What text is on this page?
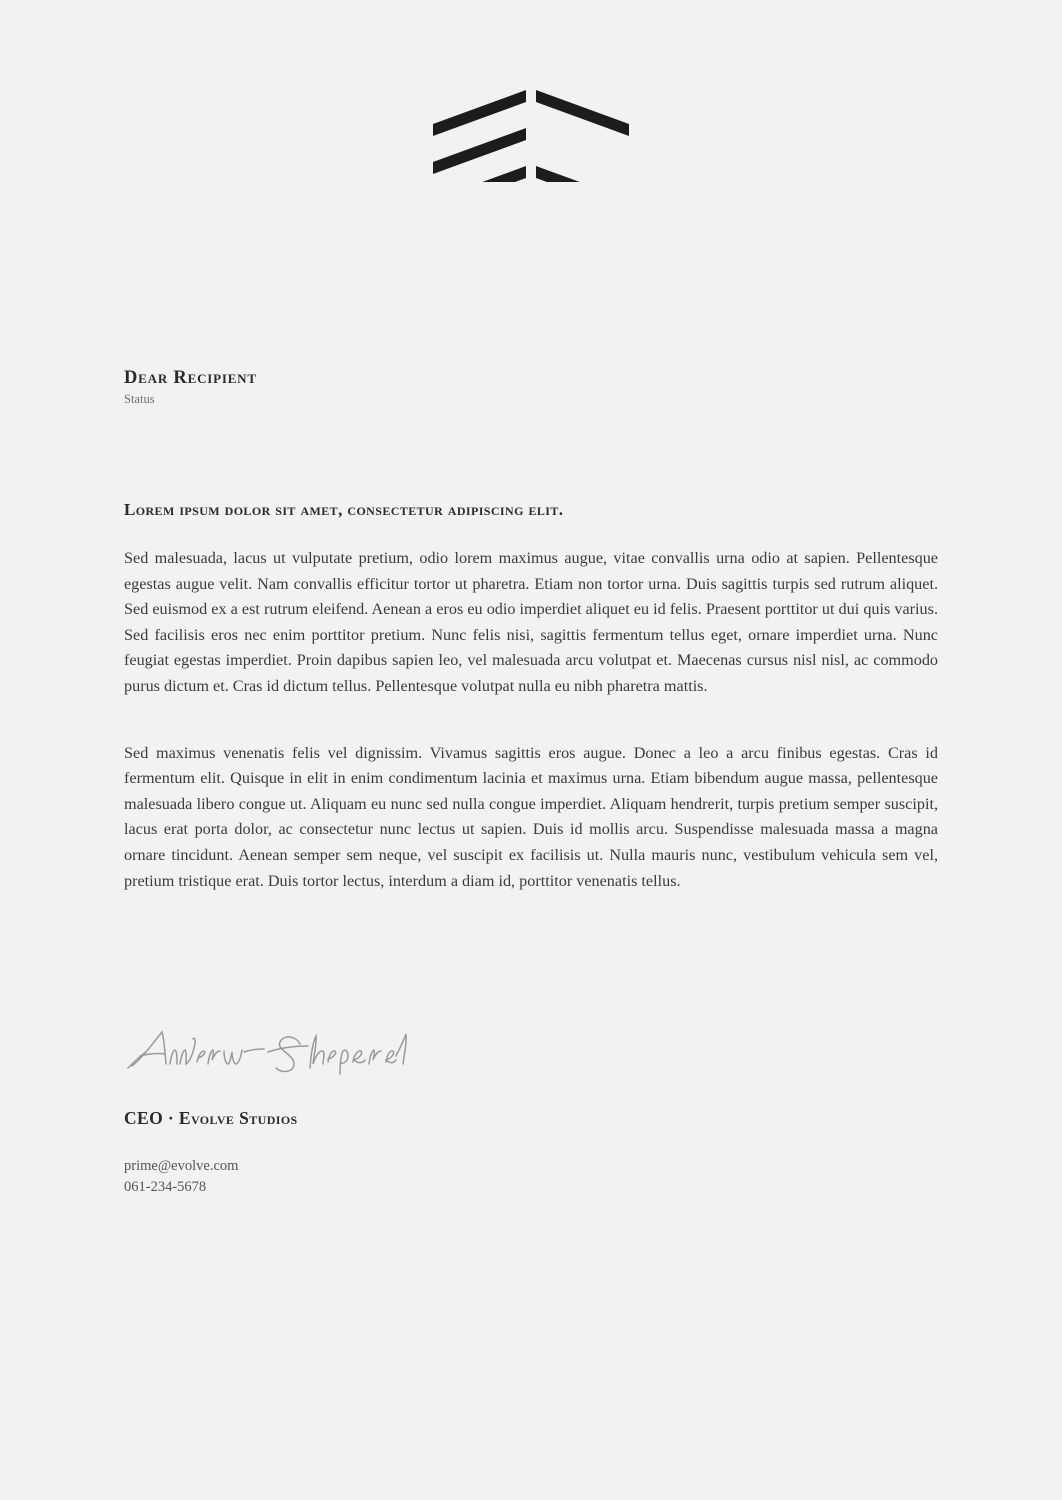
Dear Recipient

Status

Lorem ipsum dolor sit amet, consectetur adipiscing elit.

Sed malesuada, lacus ut vulputate pretium, odio lorem maximus augue, vitae convallis urna odio at sapien. Pellentesque egestas augue velit. Nam convallis efficitur tortor ut pharetra. Etiam non tortor urna. Duis sagittis turpis sed rutrum aliquet. Sed euismod ex a est rutrum eleifend. Aenean a eros eu odio imperdiet aliquet eu id felis. Praesent porttitor ut dui quis varius. Sed facilisis eros nec enim porttitor pretium. Nunc felis nisi, sagittis fermentum tellus eget, ornare imperdiet urna. Nunc feugiat egestas imperdiet. Proin dapibus sapien leo, vel malesuada arcu volutpat et. Maecenas cursus nisl nisl, ac commodo purus dictum et. Cras id dictum tellus. Pellentesque volutpat nulla eu nibh pharetra mattis.

Sed maximus venenatis felis vel dignissim. Vivamus sagittis eros augue. Donec a leo a arcu finibus egestas. Cras id fermentum elit. Quisque in elit in enim condimentum lacinia et maximus urna. Etiam bibendum augue massa, pellentesque malesuada libero congue ut. Aliquam eu nunc sed nulla congue imperdiet. Aliquam hendrerit, turpis pretium semper suscipit, lacus erat porta dolor, ac consectetur nunc lectus ut sapien. Duis id mollis arcu. Suspendisse malesuada massa a magna ornare tincidunt. Aenean semper sem neque, vel suscipit ex facilisis ut. Nulla mauris nunc, vestibulum vehicula sem vel, pretium tristique erat. Duis tortor lectus, interdum a diam id, porttitor venenatis tellus.

CEO · Evolve Studios

prime@evolve.com
061-234-5678
